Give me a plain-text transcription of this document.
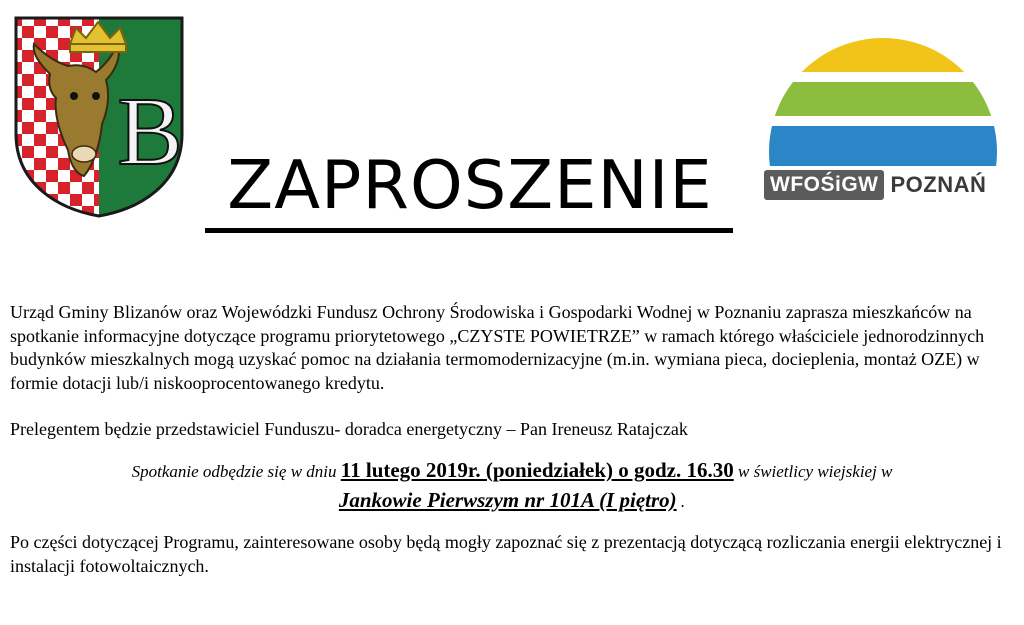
B	WFOŚiGW POZNAŃ
ZAPROSZENIE

Urząd Gminy Blizanów oraz Wojewódzki Fundusz Ochrony Środowiska i Gospodarki Wodnej w Poznaniu zaprasza mieszkańców na spotkanie informacyjne dotyczące programu priorytetowego „CZYSTE POWIETRZE” w ramach którego właściciele jednorodzinnych budynków mieszkalnych mogą uzyskać pomoc na działania termomodernizacyjne (m.in. wymiana pieca, docieplenia, montaż OZE) w formie dotacji lub/i niskooprocentowanego kredytu.

Prelegentem będzie przedstawiciel Funduszu- doradca energetyczny – Pan Ireneusz Ratajczak

Spotkanie odbędzie się w dniu 11 lutego 2019r. (poniedziałek) o godz. 16.30 w świetlicy wiejskiej w
Jankowie Pierwszym nr 101A (I piętro) .

Po części dotyczącej Programu, zainteresowane osoby będą mogły zapoznać się z prezentacją dotyczącą rozliczania energii elektrycznej i instalacji fotowoltaicznych.
